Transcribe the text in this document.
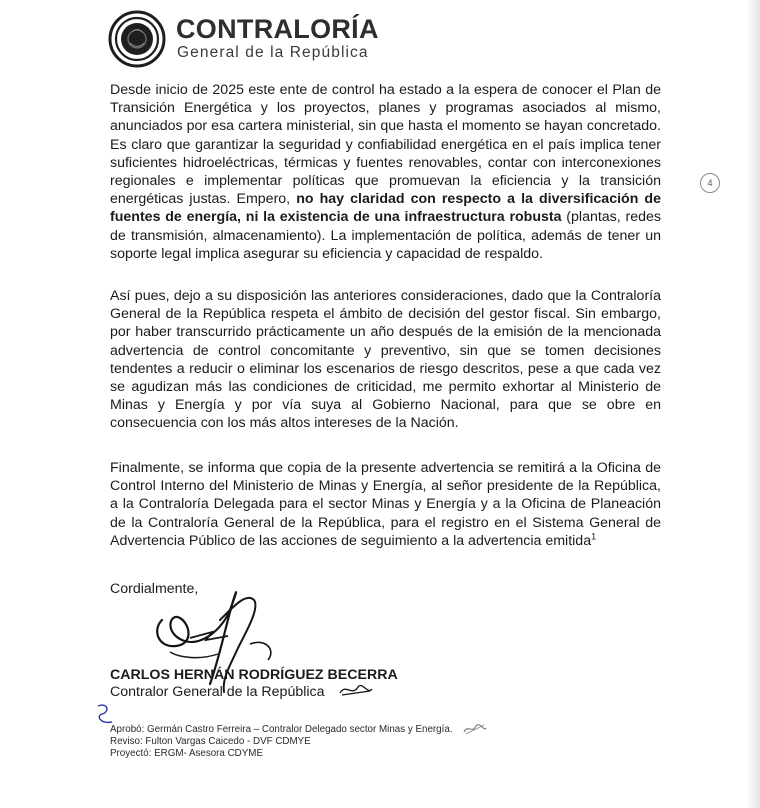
CONTRALORÍA
General de la República

Desde inicio de 2025 este ente de control ha estado a la espera de conocer el Plan de Transición Energética y los proyectos, planes y programas asociados al mismo, anunciados por esa cartera ministerial, sin que hasta el momento se hayan concretado. Es claro que garantizar la seguridad y confiabilidad energética en el país implica tener suficientes hidroeléctricas, térmicas y fuentes renovables, contar con interconexiones regionales e implementar políticas que promuevan la eficiencia y la transición energéticas justas. Empero, no hay claridad con respecto a la diversificación de fuentes de energía, ni la existencia de una infraestructura robusta (plantas, redes de transmisión, almacenamiento). La implementación de política, además de tener un soporte legal implica asegurar su eficiencia y capacidad de respaldo.

4

Así pues, dejo a su disposición las anteriores consideraciones, dado que la Contraloría General de la República respeta el ámbito de decisión del gestor fiscal. Sin embargo, por haber transcurrido prácticamente un año después de la emisión de la mencionada advertencia de control concomitante y preventivo, sin que se tomen decisiones tendentes a reducir o eliminar los escenarios de riesgo descritos, pese a que cada vez se agudizan más las condiciones de criticidad, me permito exhortar al Ministerio de Minas y Energía y por vía suya al Gobierno Nacional, para que se obre en consecuencia con los más altos intereses de la Nación.

Finalmente, se informa que copia de la presente advertencia se remitirá a la Oficina de Control Interno del Ministerio de Minas y Energía, al señor presidente de la República, a la Contraloría Delegada para el sector Minas y Energía y a la Oficina de Planeación de la Contraloría General de la República, para el registro en el Sistema General de Advertencia Público de las acciones de seguimiento a la advertencia emitida$^1$

Cordialmente,
CARLOS HERNÁN RODRÍGUEZ BECERRA
Contralor General de la República
Aprobó: Germán Castro Ferreira – Contralor Delegado sector Minas y Energía.
Reviso: Fulton Vargas Caicedo - DVF CDMYE
Proyectó: ERGM- Asesora CDYME
